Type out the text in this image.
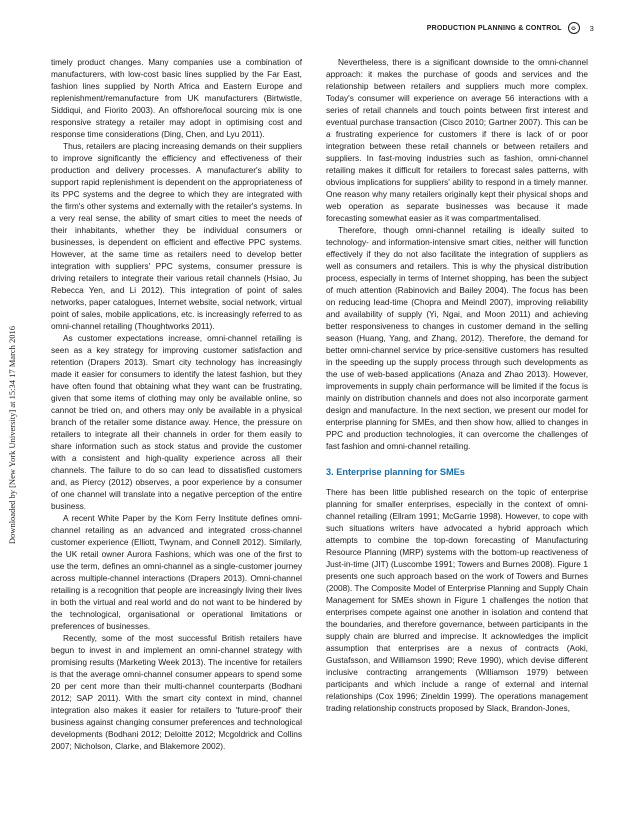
PRODUCTION PLANNING & CONTROL	3
Downloaded by [New York University] at 15:34 17 March 2016

timely product changes. Many companies use a combination of manufacturers, with low-cost basic lines supplied by the Far East, fashion lines supplied by North Africa and Eastern Europe and replenishment/remanufacture from UK manufacturers (Birtwistle, Siddiqui, and Fiorito 2003). An offshore/local sourcing mix is one responsive strategy a retailer may adopt in optimising cost and response time considerations (Ding, Chen, and Lyu 2011).

Thus, retailers are placing increasing demands on their suppliers to improve significantly the efficiency and effectiveness of their production and delivery processes. A manufacturer's ability to support rapid replenishment is dependent on the appropriateness of its PPC systems and the degree to which they are integrated with the firm's other systems and externally with the retailer's systems. In a very real sense, the ability of smart cities to meet the needs of their inhabitants, whether they be individual consumers or businesses, is dependent on efficient and effective PPC systems. However, at the same time as retailers need to develop better integration with suppliers' PPC systems, consumer pressure is driving retailers to integrate their various retail channels (Hsiao, Ju Rebecca Yen, and Li 2012). This integration of point of sales networks, paper catalogues, Internet website, social network, virtual point of sales, mobile applications, etc. is increasingly referred to as omni-channel retailing (Thoughtworks 2011).

As customer expectations increase, omni-channel retailing is seen as a key strategy for improving customer satisfaction and retention (Drapers 2013). Smart city technology has increasingly made it easier for consumers to identify the latest fashion, but they have often found that obtaining what they want can be frustrating, given that some items of clothing may only be available online, so cannot be tried on, and others may only be available in a physical branch of the retailer some distance away. Hence, the pressure on retailers to integrate all their channels in order for them easily to share information such as stock status and provide the customer with a consistent and high-quality experience across all their channels. The failure to do so can lead to dissatisfied customers and, as Piercy (2012) observes, a poor experience by a consumer of one channel will translate into a negative perception of the entire business.

A recent White Paper by the Korn Ferry Institute defines omni-channel retailing as an advanced and integrated cross-channel customer experience (Elliott, Twynam, and Connell 2012). Similarly, the UK retail owner Aurora Fashions, which was one of the first to use the term, defines an omni-channel as a single-customer journey across multiple-channel interactions (Drapers 2013). Omni-channel retailing is a recognition that people are increasingly living their lives in both the virtual and real world and do not want to be hindered by the technological, organisational or operational limitations or preferences of businesses.

Recently, some of the most successful British retailers have begun to invest in and implement an omni-channel strategy with promising results (Marketing Week 2013). The incentive for retailers is that the average omni-channel consumer appears to spend some 20 per cent more than their multi-channel counterparts (Bodhani 2012; SAP 2011). With the smart city context in mind, channel integration also makes it easier for retailers to 'future-proof' their business against changing consumer preferences and technological developments (Bodhani 2012; Deloitte 2012; Mcgoldrick and Collins 2007; Nicholson, Clarke, and Blakemore 2002).

Nevertheless, there is a significant downside to the omni-channel approach: it makes the purchase of goods and services and the relationship between retailers and suppliers much more complex. Today's consumer will experience on average 56 interactions with a series of retail channels and touch points between first interest and eventual purchase transaction (Cisco 2010; Gartner 2007). This can be a frustrating experience for customers if there is lack of or poor integration between these retail channels or between retailers and suppliers. In fast-moving industries such as fashion, omni-channel retailing makes it difficult for retailers to forecast sales patterns, with obvious implications for suppliers' ability to respond in a timely manner. One reason why many retailers originally kept their physical shops and web operation as separate businesses was because it made forecasting somewhat easier as it was compartmentalised.

Therefore, though omni-channel retailing is ideally suited to technology- and information-intensive smart cities, neither will function effectively if they do not also facilitate the integration of suppliers as well as consumers and retailers. This is why the physical distribution process, especially in terms of Internet shopping, has been the subject of much attention (Rabinovich and Bailey 2004). The focus has been on reducing lead-time (Chopra and Meindl 2007), improving reliability and availability of supply (Yi, Ngai, and Moon 2011) and achieving better responsiveness to changes in customer demand in the selling season (Huang, Yang, and Zhang, 2012). Therefore, the demand for better omni-channel service by price-sensitive customers has resulted in the speeding up the supply process through such developments as the use of web-based applications (Anaza and Zhao 2013). However, improvements in supply chain performance will be limited if the focus is mainly on distribution channels and does not also incorporate garment design and manufacture. In the next section, we present our model for enterprise planning for SMEs, and then show how, allied to changes in PPC and production technologies, it can overcome the challenges of fast fashion and omni-channel retailing.

3. Enterprise planning for SMEs

There has been little published research on the topic of enterprise planning for smaller enterprises, especially in the context of omni-channel retailing (Ellram 1991; McGarrie 1998). However, to cope with such situations writers have advocated a hybrid approach which attempts to combine the top-down forecasting of Manufacturing Resource Planning (MRP) systems with the bottom-up reactiveness of Just-in-time (JIT) (Luscombe 1991; Towers and Burnes 2008). Figure 1 presents one such approach based on the work of Towers and Burnes (2008). The Composite Model of Enterprise Planning and Supply Chain Management for SMEs shown in Figure 1 challenges the notion that enterprises compete against one another in isolation and contend that the boundaries, and therefore governance, between participants in the supply chain are blurred and imprecise. It acknowledges the implicit assumption that enterprises are a nexus of contracts (Aoki, Gustafsson, and Williamson 1990; Reve 1990), which devise different inclusive contracting arrangements (Williamson 1979) between participants and which include a range of external and internal relationships (Cox 1996; Zineldin 1999). The operations management trading relationship constructs proposed by Slack, Brandon-Jones,
